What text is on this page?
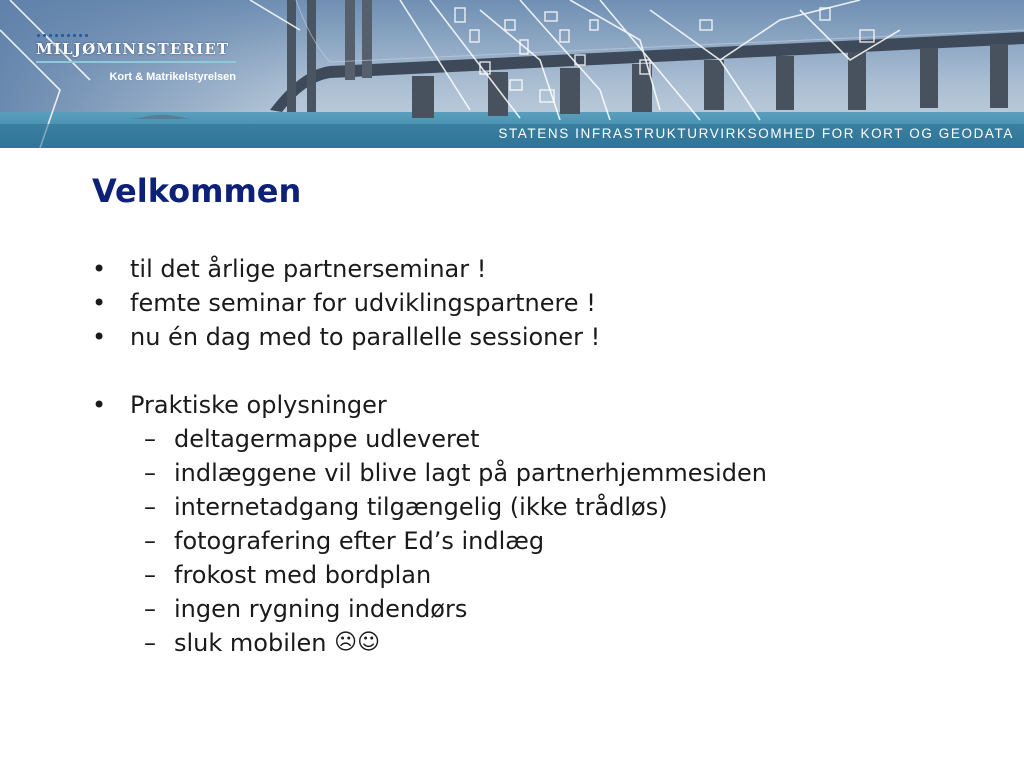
MILJØMINISTERIET
Kort & Matrikelstyrelsen
STATENS INFRASTRUKTURVIRKSOMHED FOR KORT OG GEODATA
Velkommen
• til det årlige partnerseminar !
• femte seminar for udviklingspartnere !
• nu én dag med to parallelle sessioner !
• Praktiske oplysninger
– deltagermappe udleveret
– indlæggene vil blive lagt på partnerhjemmesiden
– internetadgang tilgængelig (ikke trådløs)
– fotografering efter Ed’s indlæg
– frokost med bordplan
– ingen rygning indendørs
– sluk mobilen
☹☺
